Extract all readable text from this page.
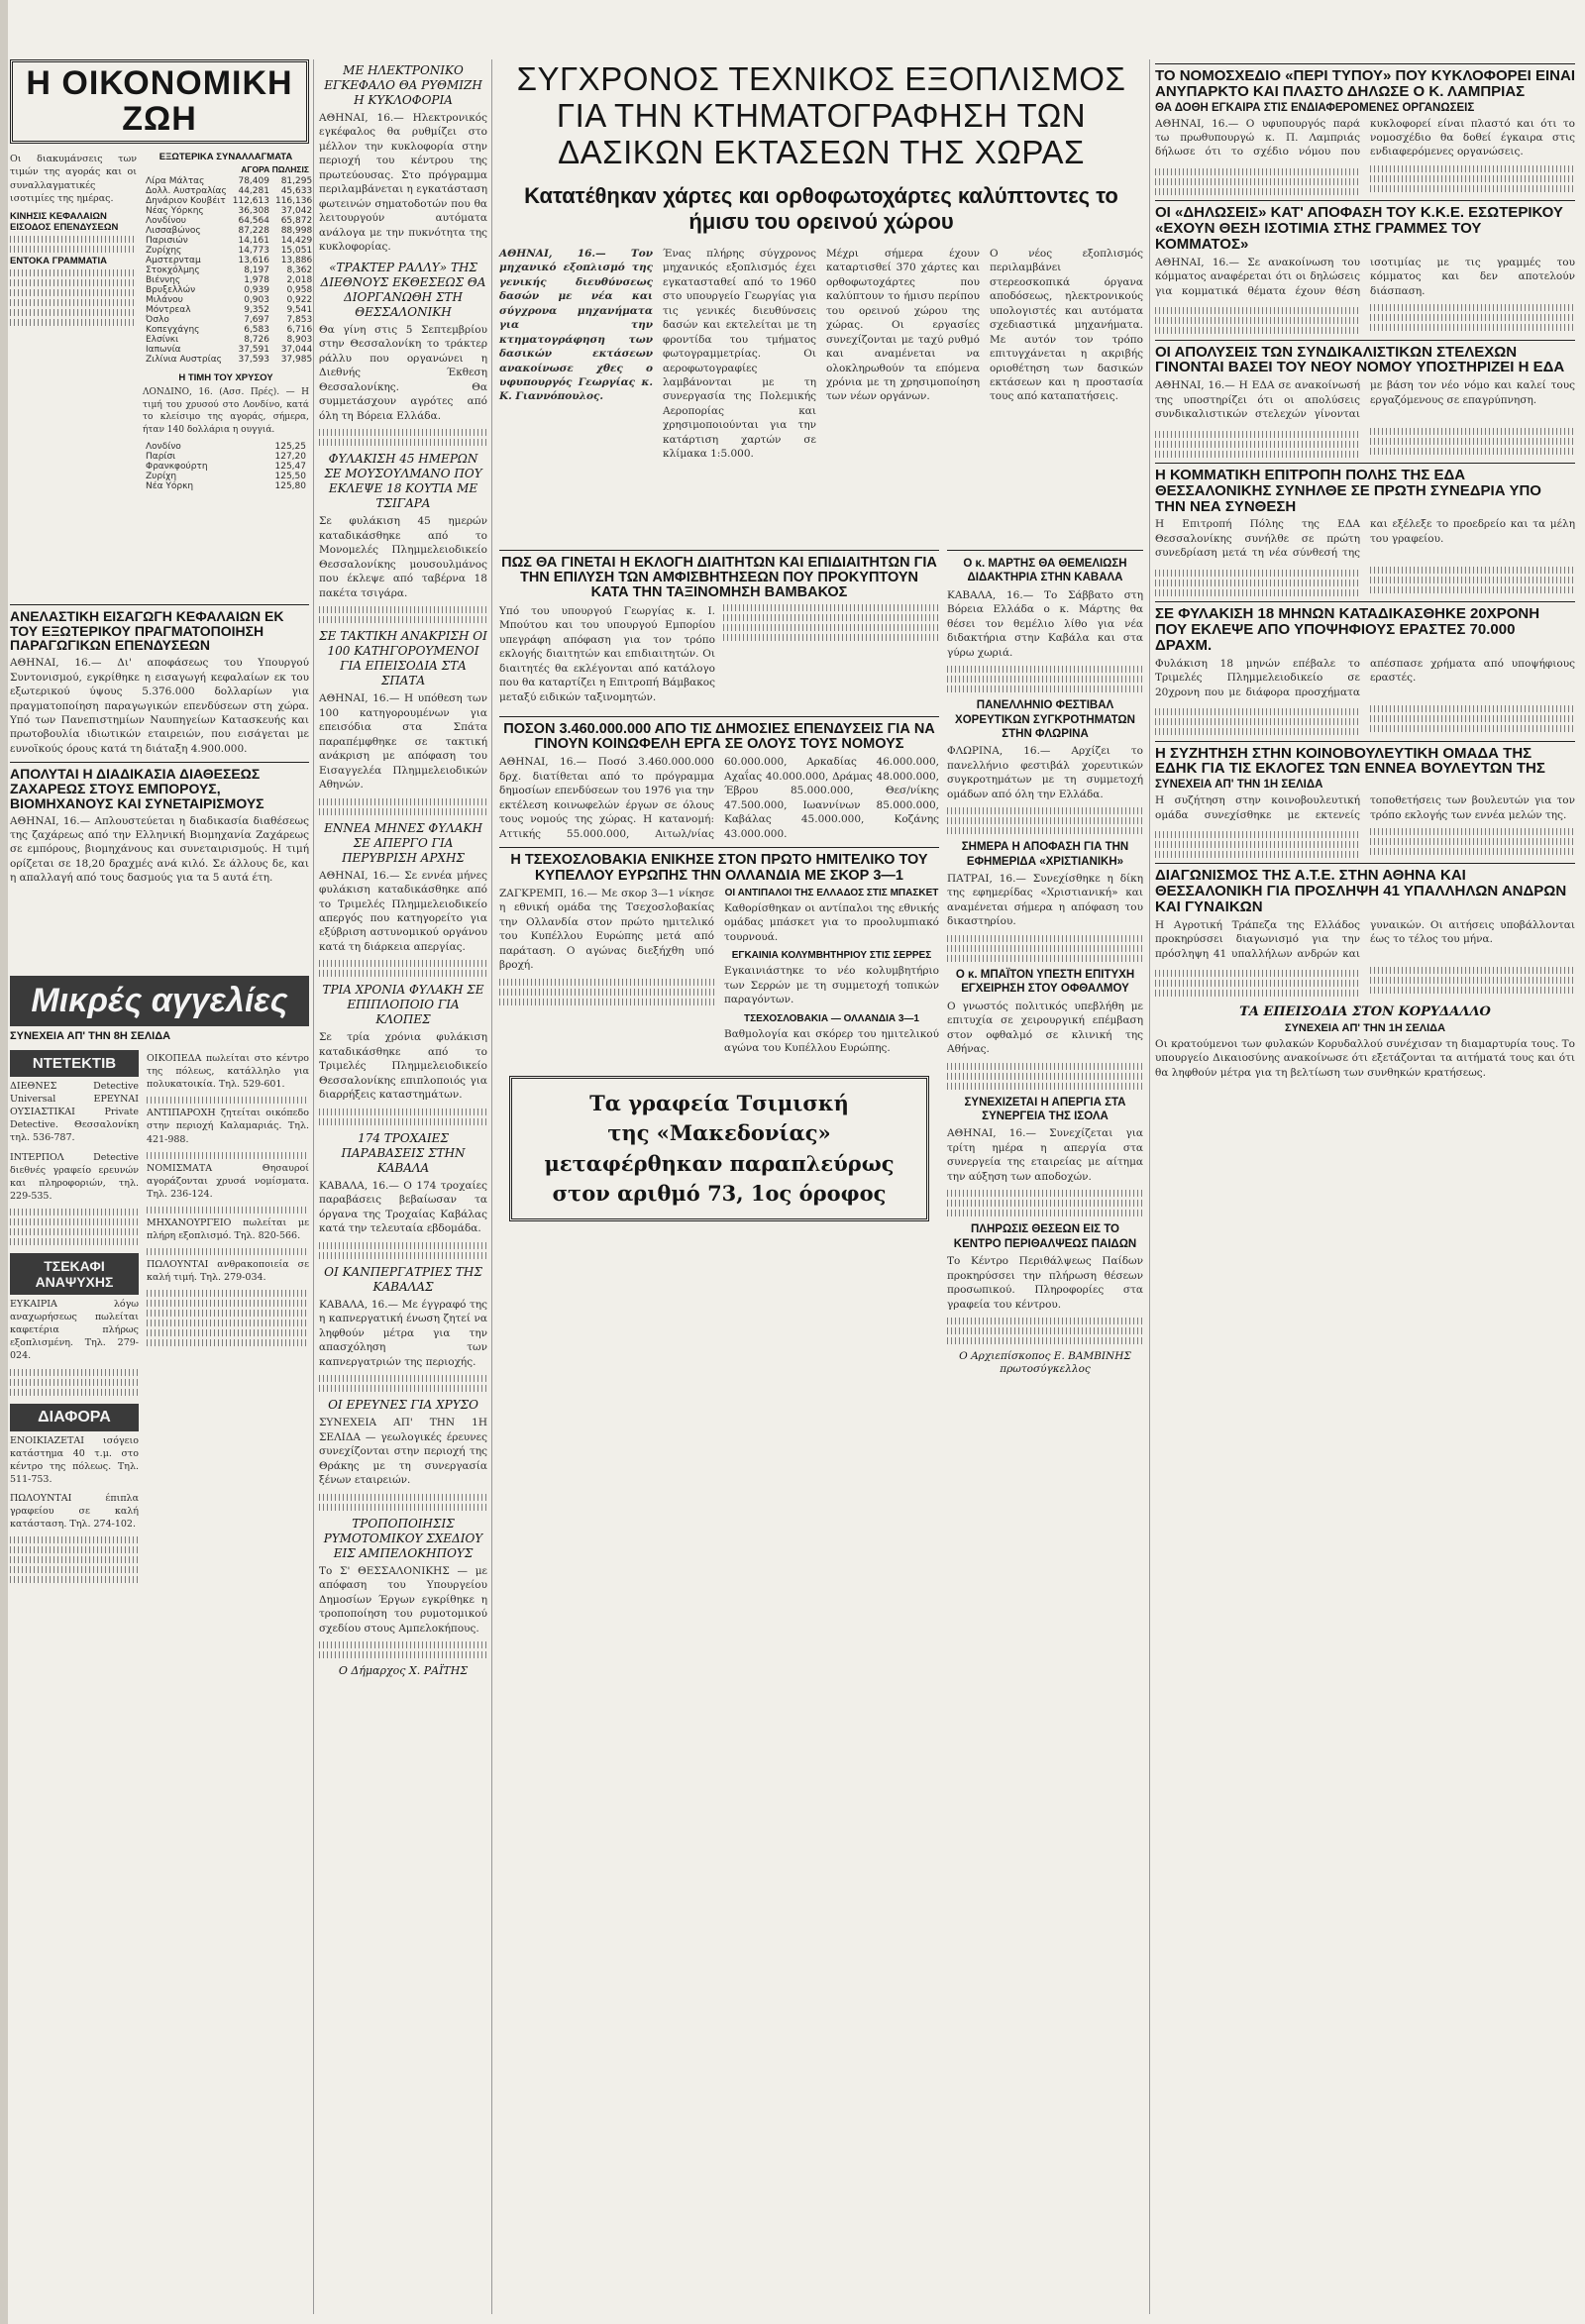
Η ΟΙΚΟΝΟΜΙΚΗ ΖΩΗ
Οι διακυμάνσεις των τιμών της αγοράς και οι συναλλαγματικές ισοτιμίες της ημέρας.
ΚΙΝΗΣΙΣ ΚΕΦΑΛΑΙΩΝ ΕΙΣΟΔΟΣ ΕΠΕΝΔΥΣΕΩΝ
ΕΝΤΟΚΑ ΓΡΑΜΜΑΤΙΑ
ΕΞΩΤΕΡΙΚΑ ΣΥΝΑΛΛΑΓΜΑΤΑ
ΑΓΟΡΑ ΠΩΛΗΣΙΣ
Λίρα Μάλτας	78,409	81,295
Δολλ. Αυστραλίας	44,281	45,633
Δηνάριον Κουβέιτ	112,613	116,136
Νέας Υόρκης	36,308	37,042
Λονδίνου	64,564	65,872
Λισσαβώνος	87,228	88,998
Παρισιών	14,161	14,429
Ζυρίχης	14,773	15,051
Αμστερνταμ	13,616	13,886
Στοκχόλμης	8,197	8,362
Βιέννης	1,978	2,018
Βρυξελλών	0,939	0,958
Μιλάνου	0,903	0,922
Μόντρεαλ	9,352	9,541
Όσλο	7,697	7,853
Κοπεγχάγης	6,583	6,716
Ελσίνκι	8,726	8,903
Ιαπωνία	37,591	37,044
Ζιλίνια Αυστρίας	37,593	37,985
Η ΤΙΜΗ ΤΟΥ ΧΡΥΣΟΥ
ΛΟΝΔΙΝΟ, 16. (Ασσ. Πρές). — Η τιμή του χρυσού στο Λονδίνο, κατά το κλείσιμο της αγοράς, σήμερα, ήταν 140 δολλάρια η ουγγιά.
Λονδίνο	125,25
Παρίσι	127,20
Φρανκφούρτη	125,47
Ζυρίχη	125,50
Νέα Υόρκη	125,80
ΑΝΕΛΑΣΤΙΚΗ ΕΙΣΑΓΩΓΗ ΚΕΦΑΛΑΙΩΝ ΕΚ ΤΟΥ ΕΞΩΤΕΡΙΚΟΥ ΠΡΑΓΜΑΤΟΠΟΙΗΣΗ ΠΑΡΑΓΩΓΙΚΩΝ ΕΠΕΝΔΥΣΕΩΝ
ΑΘΗΝΑΙ, 16.— Δι' αποφάσεως του Υπουργού Συντονισμού, εγκρίθηκε η εισαγωγή κεφαλαίων εκ του εξωτερικού ύψους 5.376.000 δολλαρίων για πραγματοποίηση παραγωγικών επενδύσεων στη χώρα. Υπό των Πανεπιστημίων Ναυπηγείων Κατασκευής και πρωτοβουλία ιδιωτικών εταιρειών, που εισάγεται με ευνοϊκούς όρους κατά τη διάταξη 4.900.000.
ΑΠΟΛΥΤΑΙ Η ΔΙΑΔΙΚΑΣΙΑ ΔΙΑΘΕΣΕΩΣ ΖΑΧΑΡΕΩΣ ΣΤΟΥΣ ΕΜΠΟΡΟΥΣ, ΒΙΟΜΗΧΑΝΟΥΣ ΚΑΙ ΣΥΝΕΤΑΙΡΙΣΜΟΥΣ
ΑΘΗΝΑΙ, 16.— Απλουστεύεται η διαδικασία διαθέσεως της ζαχάρεως από την Ελληνική Βιομηχανία Ζαχάρεως σε εμπόρους, βιομηχάνους και συνεταιρισμούς. Η τιμή ορίζεται σε 18,20 δραχμές ανά κιλό. Σε άλλους δε, και η απαλλαγή από τους δασμούς για τα 5 αυτά έτη.
Μικρές αγγελίες
ΣΥΝΕΧΕΙΑ ΑΠ' ΤΗΝ 8Η ΣΕΛΙΔΑ
ΝΤΕΤΕΚΤΙΒ
ΔΙΕΘΝΕΣ Detective Universal ΕΡΕΥΝΑΙ ΟΥΣΙΑΣΤΙΚΑΙ Private Detective. Θεσσαλονίκη τηλ. 536-787.
ΙΝΤΕΡΠΟΛ Detective διεθνές γραφείο ερευνών και πληροφοριών, τηλ. 229-535.
ΤΣΕΚΑΦΙ ΑΝΑΨΥΧΗΣ
ΕΥΚΑΙΡΙΑ λόγω αναχωρήσεως πωλείται καφετέρια πλήρως εξοπλισμένη. Τηλ. 279-024.
ΔΙΑΦΟΡΑ
ΕΝΟΙΚΙΑΖΕΤΑΙ ισόγειο κατάστημα 40 τ.μ. στο κέντρο της πόλεως. Τηλ. 511-753.
ΠΩΛΟΥΝΤΑΙ έπιπλα γραφείου σε καλή κατάσταση. Τηλ. 274-102.
ΟΙΚΟΠΕΔΑ πωλείται στο κέντρο της πόλεως, κατάλληλο για πολυκατοικία. Τηλ. 529-601.
ΑΝΤΙΠΑΡΟΧΗ ζητείται οικόπεδο στην περιοχή Καλαμαριάς. Τηλ. 421-988.
ΝΟΜΙΣΜΑΤΑ Θησαυροί αγοράζονται χρυσά νομίσματα. Τηλ. 236-124.
ΜΗΧΑΝΟΥΡΓΕΙΟ πωλείται με πλήρη εξοπλισμό. Τηλ. 820-566.
ΠΩΛΟΥΝΤΑΙ ανθρακοποιεία σε καλή τιμή. Τηλ. 279-034.
ΜΕ ΗΛΕΚΤΡΟΝΙΚΟ ΕΓΚΕΦΑΛΟ ΘΑ ΡΥΘΜΙΖΗ Η ΚΥΚΛΟΦΟΡΙΑ
ΑΘΗΝΑΙ, 16.— Ηλεκτρονικός εγκέφαλος θα ρυθμίζει στο μέλλον την κυκλοφορία στην περιοχή του κέντρου της πρωτεύουσας. Στο πρόγραμμα περιλαμβάνεται η εγκατάσταση φωτεινών σηματοδοτών που θα λειτουργούν αυτόματα ανάλογα με την πυκνότητα της κυκλοφορίας.
«ΤΡΑΚΤΕΡ ΡΑΛΛΥ» ΤΗΣ ΔΙΕΘΝΟΥΣ ΕΚΘΕΣΕΩΣ ΘΑ ΔΙΟΡΓΑΝΩΘΗ ΣΤΗ ΘΕΣΣΑΛΟΝΙΚΗ
Θα γίνη στις 5 Σεπτεμβρίου στην Θεσσαλονίκη το τράκτερ ράλλυ που οργανώνει η Διεθνής Έκθεση Θεσσαλονίκης. Θα συμμετάσχουν αγρότες από όλη τη Βόρεια Ελλάδα.
ΦΥΛΑΚΙΣΗ 45 ΗΜΕΡΩΝ ΣΕ ΜΟΥΣΟΥΛΜΑΝΟ ΠΟΥ ΕΚΛΕΨΕ 18 ΚΟΥΤΙΑ ΜΕ ΤΣΙΓΑΡΑ
Σε φυλάκιση 45 ημερών καταδικάσθηκε από το Μονομελές Πλημμελειοδικείο Θεσσαλονίκης μουσουλμάνος που έκλεψε από ταβέρνα 18 πακέτα τσιγάρα.
ΣΕ ΤΑΚΤΙΚΗ ΑΝΑΚΡΙΣΗ ΟΙ 100 ΚΑΤΗΓΟΡΟΥΜΕΝΟΙ ΓΙΑ ΕΠΕΙΣΟΔΙΑ ΣΤΑ ΣΠΑΤΑ
ΑΘΗΝΑΙ, 16.— Η υπόθεση των 100 κατηγορουμένων για επεισόδια στα Σπάτα παραπέμφθηκε σε τακτική ανάκριση με απόφαση του Εισαγγελέα Πλημμελειοδικών Αθηνών.
ΕΝΝΕΑ ΜΗΝΕΣ ΦΥΛΑΚΗ ΣΕ ΑΠΕΡΓΟ ΓΙΑ ΠΕΡΥΒΡΙΣΗ ΑΡΧΗΣ
ΑΘΗΝΑΙ, 16.— Σε εννέα μήνες φυλάκιση καταδικάσθηκε από το Τριμελές Πλημμελειοδικείο απεργός που κατηγορείτο για εξύβριση αστυνομικού οργάνου κατά τη διάρκεια απεργίας.
ΤΡΙΑ ΧΡΟΝΙΑ ΦΥΛΑΚΗ ΣΕ ΕΠΙΠΛΟΠΟΙΟ ΓΙΑ ΚΛΟΠΕΣ
Σε τρία χρόνια φυλάκιση καταδικάσθηκε από το Τριμελές Πλημμελειοδικείο Θεσσαλονίκης επιπλοποιός για διαρρήξεις καταστημάτων.
174 ΤΡΟΧΑΙΕΣ ΠΑΡΑΒΑΣΕΙΣ ΣΤΗΝ ΚΑΒΑΛΑ
ΚΑΒΑΛΑ, 16.— Ο 174 τροχαίες παραβάσεις βεβαίωσαν τα όργανα της Τροχαίας Καβάλας κατά την τελευταία εβδομάδα.
ΟΙ ΚΑΝΠΕΡΓΑΤΡΙΕΣ ΤΗΣ ΚΑΒΑΛΑΣ
ΚΑΒΑΛΑ, 16.— Με έγγραφό της η καπνεργατική ένωση ζητεί να ληφθούν μέτρα για την απασχόληση των καπνεργατριών της περιοχής.
ΟΙ ΕΡΕΥΝΕΣ ΓΙΑ ΧΡΥΣΟ
ΣΥΝΕΧΕΙΑ ΑΠ' ΤΗΝ 1Η ΣΕΛΙΔΑ — γεωλογικές έρευνες συνεχίζονται στην περιοχή της Θράκης με τη συνεργασία ξένων εταιρειών.
ΤΡΟΠΟΠΟΙΗΣΙΣ ΡΥΜΟΤΟΜΙΚΟΥ ΣΧΕΔΙΟΥ ΕΙΣ ΑΜΠΕΛΟΚΗΠΟΥΣ
Το Σ' ΘΕΣΣΑΛΟΝΙΚΗΣ — με απόφαση του Υπουργείου Δημοσίων Έργων εγκρίθηκε η τροποποίηση του ρυμοτομικού σχεδίου στους Αμπελοκήπους.
Ο Δήμαρχος Χ. ΡΑΪΤΗΣ
ΣΥΓΧΡΟΝΟΣ ΤΕΧΝΙΚΟΣ ΕΞΟΠΛΙΣΜΟΣ ΓΙΑ ΤΗΝ ΚΤΗΜΑΤΟΓΡΑΦΗΣΗ ΤΩΝ ΔΑΣΙΚΩΝ ΕΚΤΑΣΕΩΝ ΤΗΣ ΧΩΡΑΣ
Κατατέθηκαν χάρτες και ορθοφωτοχάρτες καλύπτοντες το ήμισυ του ορεινού χώρου
ΑΘΗΝΑΙ, 16.— Τον μηχανικό εξοπλισμό της γενικής διευθύνσεως δασών με νέα και σύγχρονα μηχανήματα για την κτηματογράφηση των δασικών εκτάσεων ανακοίνωσε χθες ο υφυπουργός Γεωργίας κ. Κ. Γιαννόπουλος.
Ένας πλήρης σύγχρονος μηχανικός εξοπλισμός έχει εγκατασταθεί από το 1960 στο υπουργείο Γεωργίας για τις γενικές διευθύνσεις δασών και εκτελείται με τη φροντίδα του τμήματος φωτογραμμετρίας. Οι αεροφωτογραφίες λαμβάνονται με τη συνεργασία της Πολεμικής Αεροπορίας και χρησιμοποιούνται για την κατάρτιση χαρτών σε κλίμακα 1:5.000.
Μέχρι σήμερα έχουν καταρτισθεί 370 χάρτες και ορθοφωτοχάρτες που καλύπτουν το ήμισυ περίπου του ορεινού χώρου της χώρας. Οι εργασίες συνεχίζονται με ταχύ ρυθμό και αναμένεται να ολοκληρωθούν τα επόμενα χρόνια με τη χρησιμοποίηση των νέων οργάνων.
Ο νέος εξοπλισμός περιλαμβάνει στερεοσκοπικά όργανα αποδόσεως, ηλεκτρονικούς υπολογιστές και αυτόματα σχεδιαστικά μηχανήματα. Με αυτόν τον τρόπο επιτυγχάνεται η ακριβής οριοθέτηση των δασικών εκτάσεων και η προστασία τους από καταπατήσεις.
ΠΩΣ ΘΑ ΓΙΝΕΤΑΙ Η ΕΚΛΟΓΗ ΔΙΑΙΤΗΤΩΝ ΚΑΙ ΕΠΙΔΙΑΙΤΗΤΩΝ ΓΙΑ ΤΗΝ ΕΠΙΛΥΣΗ ΤΩΝ ΑΜΦΙΣΒΗΤΗΣΕΩΝ ΠΟΥ ΠΡΟΚΥΠΤΟΥΝ ΚΑΤΑ ΤΗΝ ΤΑΞΙΝΟΜΗΣΗ ΒΑΜΒΑΚΟΣ
Υπό του υπουργού Γεωργίας κ. Ι. Μπούτου και του υπουργού Εμπορίου υπεγράφη απόφαση για τον τρόπο εκλογής διαιτητών και επιδιαιτητών. Οι διαιτητές θα εκλέγονται από κατάλογο που θα καταρτίζει η Επιτροπή Βάμβακος μεταξύ ειδικών ταξινομητών.
ΠΟΣΟΝ 3.460.000.000 ΑΠΟ ΤΙΣ ΔΗΜΟΣΙΕΣ ΕΠΕΝΔΥΣΕΙΣ ΓΙΑ ΝΑ ΓΙΝΟΥΝ ΚΟΙΝΩΦΕΛΗ ΕΡΓΑ ΣΕ ΟΛΟΥΣ ΤΟΥΣ ΝΟΜΟΥΣ
ΑΘΗΝΑΙ, 16.— Ποσό 3.460.000.000 δρχ. διατίθεται από το πρόγραμμα δημοσίων επενδύσεων του 1976 για την εκτέλεση κοινωφελών έργων σε όλους τους νομούς της χώρας. Η κατανομή: Αττικής 55.000.000, Αιτωλ/νίας 60.000.000, Αρκαδίας 46.000.000, Αχαΐας 40.000.000, Δράμας 48.000.000, Έβρου 85.000.000, Θεσ/νίκης 47.500.000, Ιωαννίνων 85.000.000, Καβάλας 45.000.000, Κοζάνης 43.000.000.
Η ΤΣΕΧΟΣΛΟΒΑΚΙΑ ΕΝΙΚΗΣΕ ΣΤΟΝ ΠΡΩΤΟ ΗΜΙΤΕΛΙΚΟ ΤΟΥ ΚΥΠΕΛΛΟΥ ΕΥΡΩΠΗΣ ΤΗΝ ΟΛΛΑΝΔΙΑ ΜΕ ΣΚΟΡ 3—1
ΖΑΓΚΡΕΜΠ, 16.— Με σκορ 3—1 νίκησε η εθνική ομάδα της Τσεχοσλοβακίας την Ολλανδία στον πρώτο ημιτελικό του Κυπέλλου Ευρώπης μετά από παράταση. Ο αγώνας διεξήχθη υπό βροχή.
ΟΙ ΑΝΤΙΠΑΛΟΙ ΤΗΣ ΕΛΛΑΔΟΣ ΣΤΙΣ ΜΠΑΣΚΕΤ
Καθορίσθηκαν οι αντίπαλοι της εθνικής ομάδας μπάσκετ για το προολυμπιακό τουρνουά.
ΕΓΚΑΙΝΙΑ ΚΟΛΥΜΒΗΤΗΡΙΟΥ ΣΤΙΣ ΣΕΡΡΕΣ
Εγκαινιάστηκε το νέο κολυμβητήριο των Σερρών με τη συμμετοχή τοπικών παραγόντων.
ΤΣΕΧΟΣΛΟΒΑΚΙΑ — ΟΛΛΑΝΔΙΑ 3—1
Βαθμολογία και σκόρερ του ημιτελικού αγώνα του Κυπέλλου Ευρώπης.
Τα γραφεία Τσιμισκή
της «Μακεδονίας»
μεταφέρθηκαν παραπλεύρως
στον αριθμό 73, 1ος όροφος
Ο κ. ΜΑΡΤΗΣ ΘΑ ΘΕΜΕΛΙΩΣΗ ΔΙΔΑΚΤΗΡΙΑ ΣΤΗΝ ΚΑΒΑΛΑ
ΚΑΒΑΛΑ, 16.— Το Σάββατο στη Βόρεια Ελλάδα ο κ. Μάρτης θα θέσει τον θεμέλιο λίθο για νέα διδακτήρια στην Καβάλα και στα γύρω χωριά.
ΠΑΝΕΛΛΗΝΙΟ ΦΕΣΤΙΒΑΛ ΧΟΡΕΥΤΙΚΩΝ ΣΥΓΚΡΟΤΗΜΑΤΩΝ ΣΤΗΝ ΦΛΩΡΙΝΑ
ΦΛΩΡΙΝΑ, 16.— Αρχίζει το πανελλήνιο φεστιβάλ χορευτικών συγκροτημάτων με τη συμμετοχή ομάδων από όλη την Ελλάδα.
ΣΗΜΕΡΑ Η ΑΠΟΦΑΣΗ ΓΙΑ ΤΗΝ ΕΦΗΜΕΡΙΔΑ «ΧΡΙΣΤΙΑΝΙΚΗ»
ΠΑΤΡΑΙ, 16.— Συνεχίσθηκε η δίκη της εφημερίδας «Χριστιανική» και αναμένεται σήμερα η απόφαση του δικαστηρίου.
Ο κ. ΜΠΑΪΤΟΝ ΥΠΕΣΤΗ ΕΠΙΤΥΧΗ ΕΓΧΕΙΡΗΣΗ ΣΤΟΥ ΟΦΘΑΛΜΟΥ
Ο γνωστός πολιτικός υπεβλήθη με επιτυχία σε χειρουργική επέμβαση στον οφθαλμό σε κλινική της Αθήνας.
ΣΥΝΕΧΙΖΕΤΑΙ Η ΑΠΕΡΓΙΑ ΣΤΑ ΣΥΝΕΡΓΕΙΑ ΤΗΣ ΙΣΟΛΑ
ΑΘΗΝΑΙ, 16.— Συνεχίζεται για τρίτη ημέρα η απεργία στα συνεργεία της εταιρείας με αίτημα την αύξηση των αποδοχών.
ΠΛΗΡΩΣΙΣ ΘΕΣΕΩΝ ΕΙΣ ΤΟ ΚΕΝΤΡΟ ΠΕΡΙΘΑΛΨΕΩΣ ΠΑΙΔΩΝ
Το Κέντρο Περιθάλψεως Παίδων προκηρύσσει την πλήρωση θέσεων προσωπικού. Πληροφορίες στα γραφεία του κέντρου.
Ο Αρχιεπίσκοπος Ε. ΒΑΜΒΙΝΗΣ πρωτοσύγκελλος
ΤΟ ΝΟΜΟΣΧΕΔΙΟ «ΠΕΡΙ ΤΥΠΟΥ» ΠΟΥ ΚΥΚΛΟΦΟΡΕΙ ΕΙΝΑΙ ΑΝΥΠΑΡΚΤΟ ΚΑΙ ΠΛΑΣΤΟ ΔΗΛΩΣΕ Ο Κ. ΛΑΜΠΡΙΑΣ
ΘΑ ΔΟΘΗ ΕΓΚΑΙΡΑ ΣΤΙΣ ΕΝΔΙΑΦΕΡΟΜΕΝΕΣ ΟΡΓΑΝΩΣΕΙΣ
ΑΘΗΝΑΙ, 16.— Ο υφυπουργός παρά τω πρωθυπουργώ κ. Π. Λαμπριάς δήλωσε ότι το σχέδιο νόμου που κυκλοφορεί είναι πλαστό και ότι το νομοσχέδιο θα δοθεί έγκαιρα στις ενδιαφερόμενες οργανώσεις.
ΟΙ «ΔΗΛΩΣΕΙΣ» ΚΑΤ' ΑΠΟΦΑΣΗ ΤΟΥ Κ.Κ.Ε. ΕΣΩΤΕΡΙΚΟΥ «ΕΧΟΥΝ ΘΕΣΗ ΙΣΟΤΙΜΙΑ ΣΤΗΣ ΓΡΑΜΜΕΣ ΤΟΥ ΚΟΜΜΑΤΟΣ»
ΑΘΗΝΑΙ, 16.— Σε ανακοίνωση του κόμματος αναφέρεται ότι οι δηλώσεις για κομματικά θέματα έχουν θέση ισοτιμίας με τις γραμμές του κόμματος και δεν αποτελούν διάσπαση.
ΟΙ ΑΠΟΛΥΣΕΙΣ ΤΩΝ ΣΥΝΔΙΚΑΛΙΣΤΙΚΩΝ ΣΤΕΛΕΧΩΝ ΓΙΝΟΝΤΑΙ ΒΑΣΕΙ ΤΟΥ ΝΕΟΥ ΝΟΜΟΥ ΥΠΟΣΤΗΡΙΖΕΙ Η ΕΔΑ
ΑΘΗΝΑΙ, 16.— Η ΕΔΑ σε ανακοίνωσή της υποστηρίζει ότι οι απολύσεις συνδικαλιστικών στελεχών γίνονται με βάση τον νέο νόμο και καλεί τους εργαζόμενους σε επαγρύπνηση.
Η ΚΟΜΜΑΤΙΚΗ ΕΠΙΤΡΟΠΗ ΠΟΛΗΣ ΤΗΣ ΕΔΑ ΘΕΣΣΑΛΟΝΙΚΗΣ ΣΥΝΗΛΘΕ ΣΕ ΠΡΩΤΗ ΣΥΝΕΔΡΙΑ ΥΠΟ ΤΗΝ ΝΕΑ ΣΥΝΘΕΣΗ
Η Επιτροπή Πόλης της ΕΔΑ Θεσσαλονίκης συνήλθε σε πρώτη συνεδρίαση μετά τη νέα σύνθεσή της και εξέλεξε το προεδρείο και τα μέλη του γραφείου.
ΣΕ ΦΥΛΑΚΙΣΗ 18 ΜΗΝΩΝ ΚΑΤΑΔΙΚΑΣΘΗΚΕ 20ΧΡΟΝΗ ΠΟΥ ΕΚΛΕΨΕ ΑΠΟ ΥΠΟΨΗΦΙΟΥΣ ΕΡΑΣΤΕΣ 70.000 ΔΡΑΧΜ.
Φυλάκιση 18 μηνών επέβαλε το Τριμελές Πλημμελειοδικείο σε 20χρονη που με διάφορα προσχήματα απέσπασε χρήματα από υποψήφιους εραστές.
Η ΣΥΖΗΤΗΣΗ ΣΤΗΝ ΚΟΙΝΟΒΟΥΛΕΥΤΙΚΗ ΟΜΑΔΑ ΤΗΣ ΕΔΗΚ ΓΙΑ ΤΙΣ ΕΚΛΟΓΕΣ ΤΩΝ ΕΝΝΕΑ ΒΟΥΛΕΥΤΩΝ ΤΗΣ
ΣΥΝΕΧΕΙΑ ΑΠ' ΤΗΝ 1Η ΣΕΛΙΔΑ
Η συζήτηση στην κοινοβουλευτική ομάδα συνεχίσθηκε με εκτενείς τοποθετήσεις των βουλευτών για τον τρόπο εκλογής των εννέα μελών της.
ΔΙΑΓΩΝΙΣΜΟΣ ΤΗΣ Α.Τ.Ε. ΣΤΗΝ ΑΘΗΝΑ ΚΑΙ ΘΕΣΣΑΛΟΝΙΚΗ ΓΙΑ ΠΡΟΣΛΗΨΗ 41 ΥΠΑΛΛΗΛΩΝ ΑΝΔΡΩΝ ΚΑΙ ΓΥΝΑΙΚΩΝ
Η Αγροτική Τράπεζα της Ελλάδος προκηρύσσει διαγωνισμό για την πρόσληψη 41 υπαλλήλων ανδρών και γυναικών. Οι αιτήσεις υποβάλλονται έως το τέλος του μήνα.
ΤΑ ΕΠΕΙΣΟΔΙΑ ΣΤΟΝ ΚΟΡΥΔΑΛΛΟ
ΣΥΝΕΧΕΙΑ ΑΠ' ΤΗΝ 1Η ΣΕΛΙΔΑ
Οι κρατούμενοι των φυλακών Κορυδαλλού συνέχισαν τη διαμαρτυρία τους. Το υπουργείο Δικαιοσύνης ανακοίνωσε ότι εξετάζονται τα αιτήματά τους και ότι θα ληφθούν μέτρα για τη βελτίωση των συνθηκών κρατήσεως.
